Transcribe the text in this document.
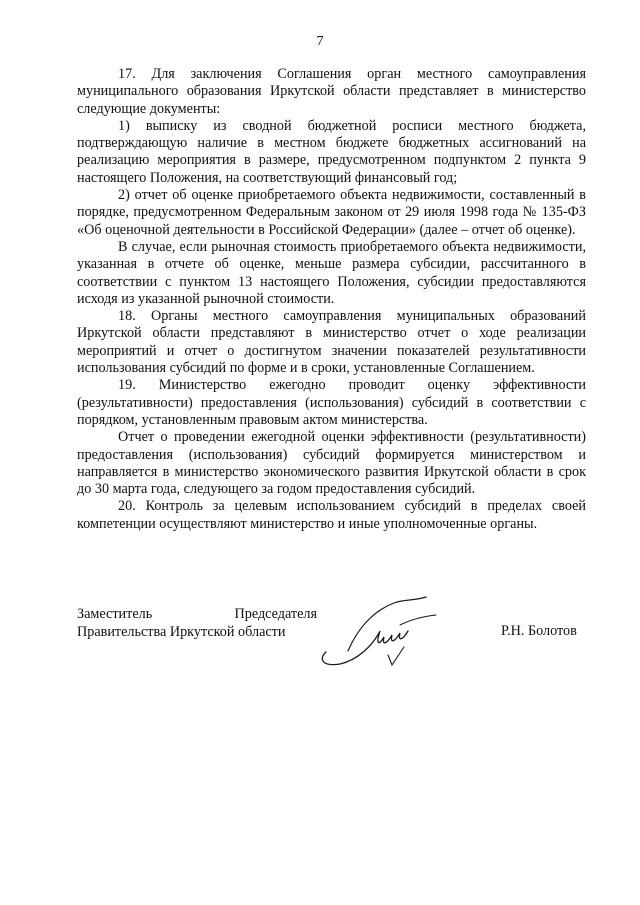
7

17. Для заключения Соглашения орган местного самоуправления муниципального образования Иркутской области представляет в министерство следующие документы:

1) выписку из сводной бюджетной росписи местного бюджета, подтверждающую наличие в местном бюджете бюджетных ассигнований на реализацию мероприятия в размере, предусмотренном подпунктом 2 пункта 9 настоящего Положения, на соответствующий финансовый год;

2) отчет об оценке приобретаемого объекта недвижимости, составленный в порядке, предусмотренном Федеральным законом от 29 июля 1998 года № 135-ФЗ «Об оценочной деятельности в Российской Федерации» (далее – отчет об оценке).

В случае, если рыночная стоимость приобретаемого объекта недвижимости, указанная в отчете об оценке, меньше размера субсидии, рассчитанного в соответствии с пунктом 13 настоящего Положения, субсидии предоставляются исходя из указанной рыночной стоимости.

18. Органы местного самоуправления муниципальных образований Иркутской области представляют в министерство отчет о ходе реализации мероприятий и отчет о достигнутом значении показателей результативности использования субсидий по форме и в сроки, установленные Соглашением.

19. Министерство ежегодно проводит оценку эффективности (результативности) предоставления (использования) субсидий в соответствии с порядком, установленным правовым актом министерства.

Отчет о проведении ежегодной оценки эффективности (результативности) предоставления (использования) субсидий формируется министерством и направляется в министерство экономического развития Иркутской области в срок до 30 марта года, следующего за годом предоставления субсидий.

20. Контроль за целевым использованием субсидий в пределах своей компетенции осуществляют министерство и иные уполномоченные органы.

Заместитель	Председателя
Правительства Иркутской области	Р.Н. Болотов
